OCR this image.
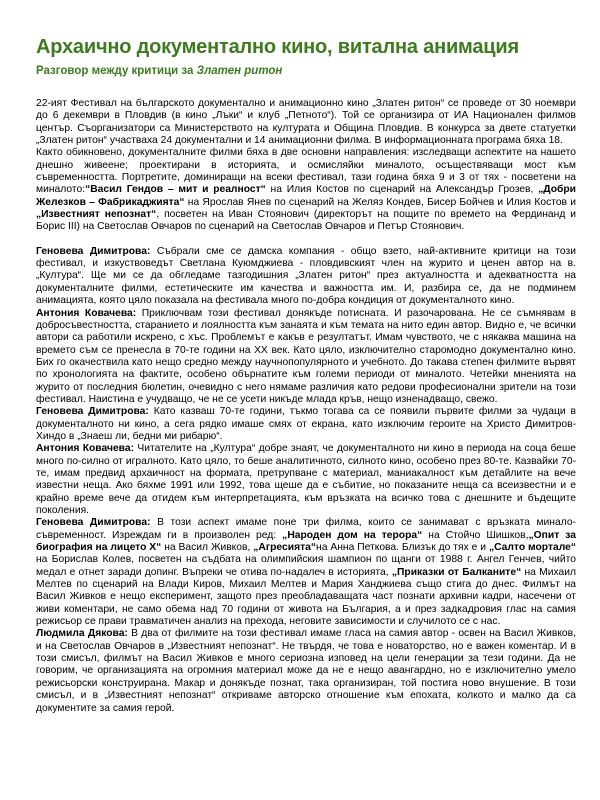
Архаично документално кино, витална анимация
Разговор между критици за Златен ритон

22-ият Фестивал на българското документално и анимационно кино „Златен ритон“ се проведе от 30 ноември до 6 декември в Пловдив (в кино „Лъки“ и клуб „Петното“). Той се организира от ИА Националeн филмов център. Съорганизатори са Министерството на културата и Община Пловдив. В конкурса за двете статуетки „Златен ритон“ участваха 24 документални и 14 анимационни филма. В информационната програма бяха 18.

Както обикновено, документалните филми бяха в две основни направления: изследващи аспектите на нашето днешно живеене; проектирани в историята, и осмисляйки миналото, осъществяващи мост към съвременността. Портретите, доминиращи на всеки фестивал, тази година бяха 9 и 3 от тях - посветени на миналото:“Васил Гендов – мит и реалност“ на Илия Костов по сценарий на Александър Грозев, „Добри Железков – Фабрикаджията“ на Ярослав Янев по сценарий на Желяз Кондев, Бисер Бойчев и Илия Костов и „Известният непознат“, посветен на Иван Стоянович (директорът на пощите по времето на Фердинанд и Борис III) на Светослав Овчаров по сценарий на Светослав Овчаров и Петър Стоянович.

Геновева Димитрова: Събрали сме се дамска компания - общо взето, най-активните критици на този фестивал, и изкуствоведът Светлана Куюмджиева - пловдивският член на журито и ценен автор на в. „Култура“. Ще ми се да обгледаме тазгодишния „Златен ритон“ през актуалността и адекватността на документалните филми, естетическите им качества и важността им. И, разбира се, да не подминем анимацията, която цяло показала на фестивала много по-добра кондиция от документалното кино.

Антония Ковачева: Приключвам този фестивал донякъде потисната. И разочарована. Не се съмнявам в добросъвестността, старанието и лоялността към занаята и към темата на нито един автор. Видно е, че всички автори са работили искрено, с хъс. Проблемът е какъв е резултатът. Имам чувството, че с някаква машина на времето съм се пренесла в 70-те години на XX век. Като цяло, изключително старомодно документално кино. Бих го окачествила като нещо средно между научнопопулярното и учебното. До такава степен филмите вървят по хронологията на фактите, особено обърнатите към големи периоди от миналото. Четейки мненията на журито от последния бюлетин, очевидно с него нямаме различия като редови професионални зрители на този фестивал. Наистина е учудващо, че не се усети никъде млада кръв, нещо изненадващо, свежо.

Геновева Димитрова: Като казваш 70-те години, тъкмо тогава са се появили първите филми за чудаци в документалното ни кино, а сега рядко имаше смях от екрана, като изключим героите на Христо Димитров- Хиндо в „Знаеш ли, бедни ми рибарю“.

Антония Ковачева: Читателите на „Култура“ добре знаят, че документалното ни кино в периода на соца беше много по-силно от игралното. Като цяло, то беше аналитичното, силното кино, особено през 80-те. Казвайки 70-те, имам предвид архаичност на формата, претрупване с материал, маниакалност към детайлите на вече известни неща. Ако бяхме 1991 или 1992, това щеше да е събитие, но показаните неща са всеизвестни и е крайно време вече да отидем към интерпретацията, към връзката на всичко това с днешните и бъдещите поколения.

Геновева Димитрова: В този аспект имаме поне три филма, които се занимават с връзката минало-съвременност. Изреждам ги в произволен ред: „Народен дом на терора“ на Стойчо Шишков,„Опит за биография на лицето Х“ на Васил Живков, „Агресията“на Анна Петкова. Близък до тях е и „Салто мортале“ на Борислав Колев, посветен на съдбата на олимпийския шампион по щанги от 1988 г. Ангел Генчев, чийто медал е отнет заради допинг. Въпреки че отива по-надалеч в историята, „Приказки от Балканите“ на Михаил Мелтев по сценарий на Влади Киров, Михаил Мелтев и Мария Ханджиева също стига до днес. Филмът на Васил Живков е нещо експеримент, защото през преобладаващата част познати архивни кадри, насечени от живи коментари, не само обема над 70 години от живота на България, а и през задкадровия глас на самия режисьор се прави травматичен анализ на прехода, неговите зависимости и случилото се с нас.

Людмила Дякова: В два от филмите на този фестивал имаме гласа на самия автор - освен на Васил Живков, и на Светослав Овчаров в „Известният непознат“. Не твърдя, че това е новаторство, но е важен коментар. И в този смисъл, филмът на Васил Живков е много сериозна изповед на цели генерации за тези години. Да не говорим, че организацията на огромния материал може да не е нещо авангардно, но е изключително умело режисьорски конструирана. Макар и донякъде познат, така организиран, той постига ново внушение. В този смисъл, и в „Известният непознат“ откриваме авторско отношение към епохата, колкото и малко да са документите за самия герой.
